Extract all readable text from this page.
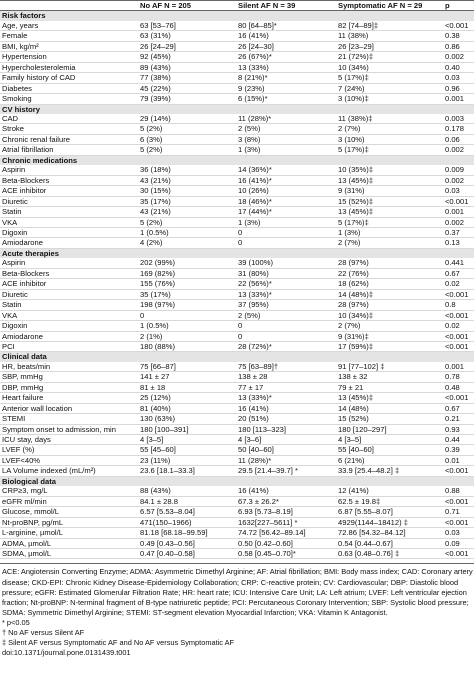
	No AF N = 205	Silent AF N = 39	Symptomatic AF N = 29	p
Risk factors				
Age, years	63 [53–76]	80 [64–85]*	82 [74–89]‡	<0.001
Female	63 (31%)	16 (41%)	11 (38%)	0.38
BMI, kg/m²	26 [24–29]	26 [24–30]	26 [23–29]	0.86
Hypertension	92 (45%)	26 (67%)*	21 (72%)‡	0.002
Hypercholesterolemia	89 (43%)	13 (33%)	10 (34%)	0.40
Family history of CAD	77 (38%)	8 (21%)*	5 (17%)‡	0.03
Diabetes	45 (22%)	9 (23%)	7 (24%)	0.96
Smoking	79 (39%)	6 (15%)*	3 (10%)‡	0.001
CV history				
CAD	29 (14%)	11 (28%)*	11 (38%)‡	0.003
Stroke	5 (2%)	2 (5%)	2 (7%)	0.178
Chronic renal failure	6 (3%)	3 (8%)	3 (10%)	0.06
Atrial fibrillation	5 (2%)	1 (3%)	5 (17%)‡	0.002
Chronic medications				
Aspirin	36 (18%)	14 (36%)*	10 (35%)‡	0.009
Beta-Blockers	43 (21%)	16 (41%)*	13 (45%)‡	0.002
ACE inhibitor	30 (15%)	10 (26%)	9 (31%)	0.03
Diuretic	35 (17%)	18 (46%)*	15 (52%)‡	<0.001
Statin	43 (21%)	17 (44%)*	13 (45%)‡	0.001
VKA	5 (2%)	1 (3%)	5 (17%)‡	0.002
Digoxin	1 (0.5%)	0	1 (3%)	0.37
Amiodarone	4 (2%)	0	2 (7%)	0.13
Acute therapies				
Aspirin	202 (99%)	39 (100%)	28 (97%)	0.441
Beta-Blockers	169 (82%)	31 (80%)	22 (76%)	0.67
ACE inhibitor	155 (76%)	22 (56%)*	18 (62%)	0.02
Diuretic	35 (17%)	13 (33%)*	14 (48%)‡	<0.001
Statin	198 (97%)	37 (95%)	28 (97%)	0.8
VKA	0	2 (5%)	10 (34%)‡	<0.001
Digoxin	1 (0.5%)	0	2 (7%)	0.02
Amiodarone	2 (1%)	0	9 (31%)‡	<0.001
PCI	180 (88%)	28 (72%)*	17 (59%)‡	<0.001
Clinical data				
HR, beats/min	75 [66–87]	75 [63–89]†	91 [77–102] ‡	0.001
SBP, mmHg	141 ± 27	138 ± 28	138 ± 32	0.78
DBP, mmHg	81 ± 18	77 ± 17	79 ± 21	0.48
Heart failure	25 (12%)	13 (33%)*	13 (45%)‡	<0.001
Anterior wall location	81 (40%)	16 (41%)	14 (48%)	0.67
STEMI	130 (63%)	20 (51%)	15 (52%)	0.21
Symptom onset to admission, min	180 [100–391]	180 [113–323]	180 [120–297]	0.93
ICU stay, days	4 [3–5]	4 [3–6]	4 [3–5]	0.44
LVEF (%)	55 [45–60]	50 [40–60]	55 [40–60]	0.39
LVEF<40%	23 (11%)	11 (28%)*	6 (21%)	0.01
LA Volume indexed (mL/m²)	23.6 [18.1–33.3]	29.5 [21.4–39.7] *	33.9 [25.4–48.2] ‡	<0.001
Biological data				
CRP≥3, mg/L	88 (43%)	16 (41%)	12 (41%)	0.88
eGFR ml/min	84.1 ± 28.8	67.3 ± 26.2*	62.5 ± 19.8‡	<0.001
Glucose, mmol/L	6.57 [5.53–8.04]	6.93 [5.73–8.19]	6.87 [5.55–8.07]	0.71
Nt-proBNP, pg/mL	471(150–1966)	1632[227–5611] *	4929(1144–18412) ‡	<0.001
L-arginine, µmol/L	81.18 [68.18–99.59]	74.72 [56.42–89.14]	72.86 [54.32–84.12]	0.03
ADMA, µmol/L	0.49 [0.43–0.56]	0.50 [0.42–0.60]	0.54 [0.44–0.67]	0.09
SDMA, µmol/L	0.47 [0.40–0.58]	0.58 [0.45–0.70]*	0.63 [0.48–0.76] ‡	<0.001
ACE: Angiotensin Converting Enzyme; ADMA: Asymmetric Dimethyl Arginine; AF: Atrial fibrillation; BMI: Body mass index; CAD: Coronary artery disease; CKD-EPI: Chronic Kidney Disease-Epidemiology Collaboration; CRP: C-reactive protein; CV: Cardiovascular; DBP: Diastolic blood pressure; eGFR: Estimated Glomerular Filtration Rate; HR: heart rate; ICU: Intensive Care Unit; LA: Left atrium; LVEF: Left ventricular ejection fraction; Nt-proBNP: N-terminal fragment of B-type natriuretic peptide; PCI: Percutaneous Coronary Intervention; SBP: Systolic blood pressure; SDMA: Symmetric Dimethyl Arginine; STEMI: ST-segment elevation Myocardial Infarction; VKA: Vitamin K Antagonist.
* p<0.05
† No AF versus Silent AF
‡ Silent AF versus Symptomatic AF and No AF versus Symptomatic AF
doi:10.1371/journal.pone.0131439.t001
